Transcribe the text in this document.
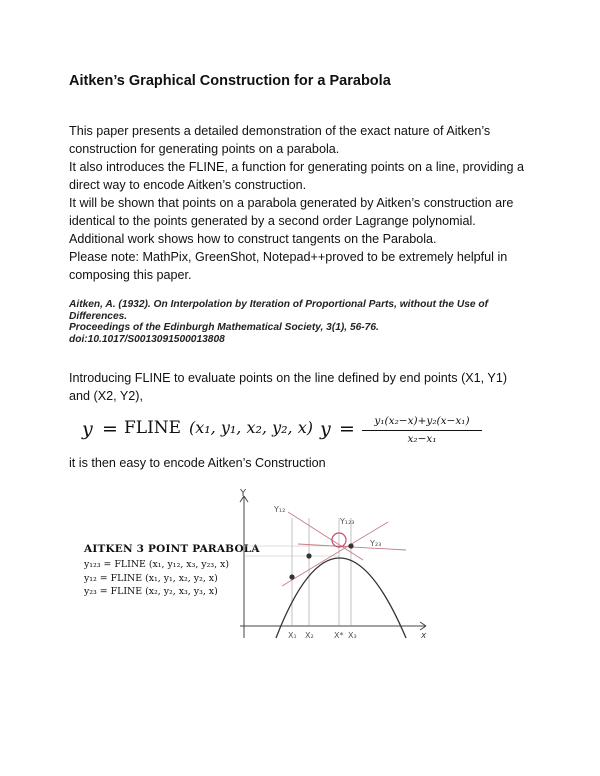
Aitken’s Graphical Construction for a Parabola
This paper presents a detailed demonstration of the exact nature of Aitken’s
construction for generating points on a parabola.
It also introduces the FLINE, a function for generating points on a line, providing a
direct way to encode Aitken’s construction.
It will be shown that points on a parabola generated by Aitken’s construction are
identical to the points generated by a second order Lagrange polynomial.
Additional work shows how to construct tangents on the Parabola.
Please note: MathPix, GreenShot, Notepad++proved to be extremely helpful in
composing this paper.
Aitken, A. (1932). On Interpolation by Iteration of Proportional Parts, without the Use of
Differences.
Proceedings of the Edinburgh Mathematical Society, 3(1), 56-76.
doi:10.1017/S0013091500013808
Introducing FLINE to evaluate points on the line defined by end points (X1, Y1)
and (X2, Y2),
y = FLINE (x₁, y₁, x₂, y₂, x) y =	y₁(x₂−x)+y₂(x−x₁)
x₂−x₁
it is then easy to encode Aitken’s Construction
AITKEN 3 POINT PARABOLA
y₁₂₃ = FLINE (x₁, y₁₂, x₃, y₂₃, x)
y₁₂ = FLINE (x₁, y₁, x₂, y₂, x)
y₂₃ = FLINE (x₂, y₂, x₃, y₃, x)
Y
x
Y₁₂
Y₁₂₃
Y₂₃
X₁ X₂	X* X₃
